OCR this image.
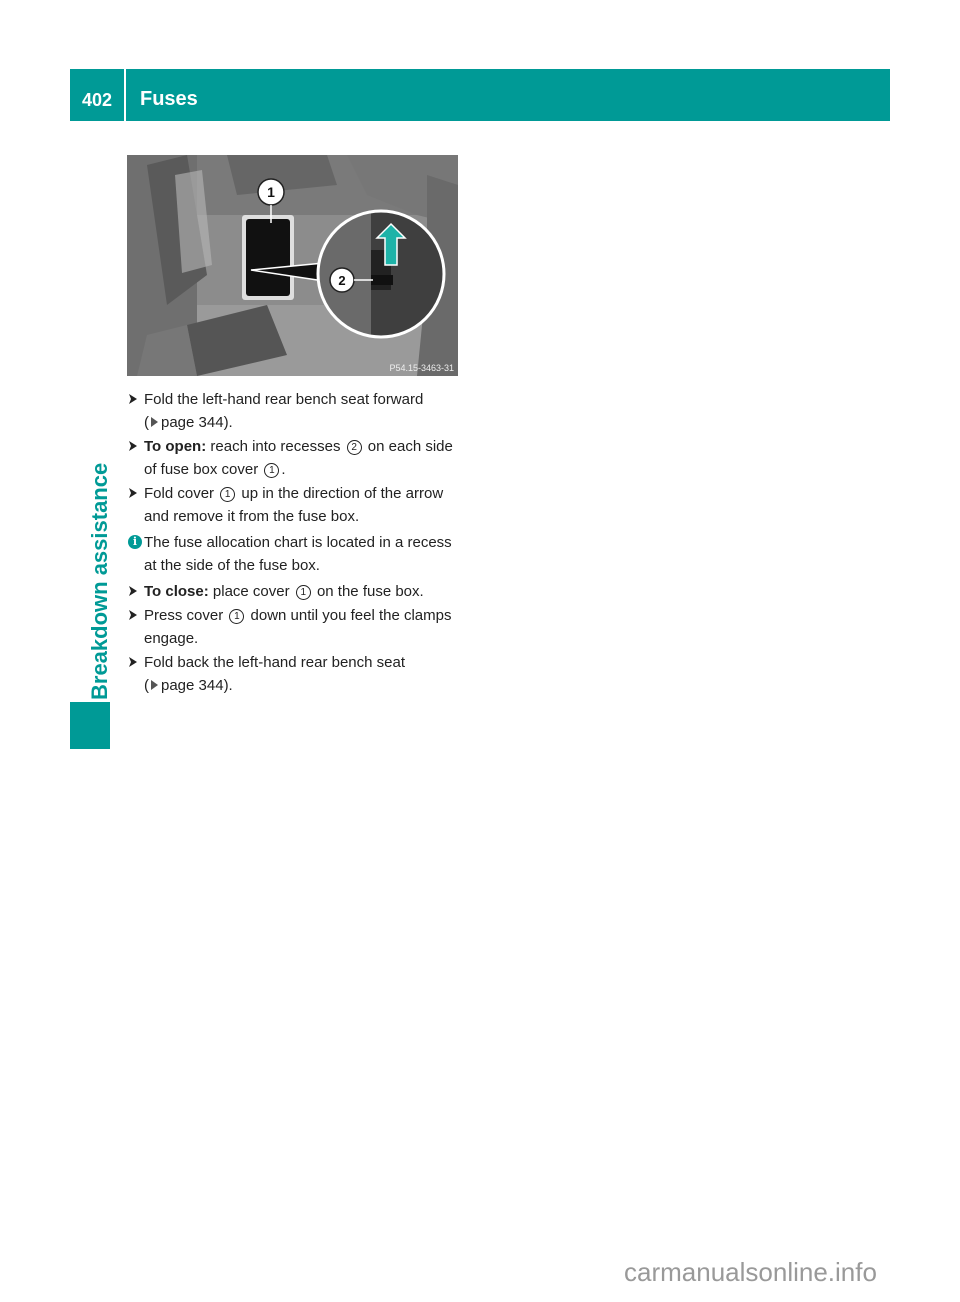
402	Fuses
Breakdown assistance
1
2
P54.15-3463-31
Fold the left-hand rear bench seat forward
( page 344).
To open: reach into recesses 2 on each side of fuse box cover 1 .
Fold cover 1 up in the direction of the arrow and remove it from the fuse box.
i The fuse allocation chart is located in a recess at the side of the fuse box.
To close: place cover 1 on the fuse box.
Press cover 1 down until you feel the clamps engage.
Fold back the left-hand rear bench seat
( page 344).
carmanualsonline.info
